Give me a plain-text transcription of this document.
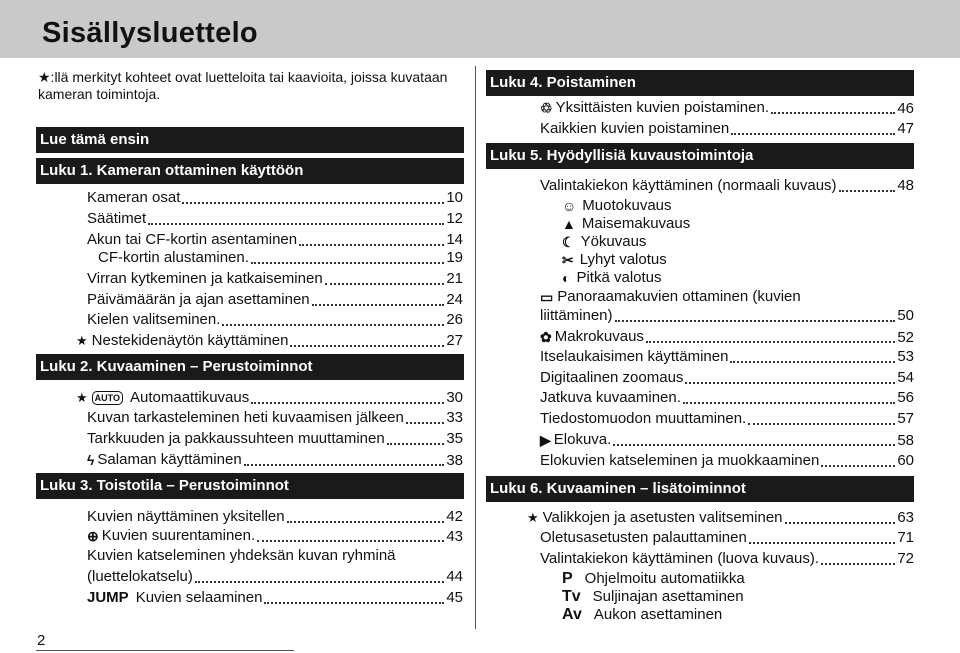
Sisällysluettelo
★:llä merkityt kohteet ovat luetteloita tai kaavioita, joissa kuvataan kameran toimintoja.
Lue tämä ensin
Luku 1. Kameran ottaminen käyttöön
Kameran osat	10
Säätimet	12
Akun tai CF-kortin asentaminen	14
CF-kortin alustaminen.	19
Virran kytkeminen ja katkaiseminen	21
Päivämäärän ja ajan asettaminen	24
Kielen valitseminen.	26
★ Nestekidenäytön käyttäminen	27
Luku 2. Kuvaaminen – Perustoiminnot
★ AUTO Automaattikuvaus	30
Kuvan tarkasteleminen heti kuvaamisen jälkeen	33
Tarkkuuden ja pakkaussuhteen muuttaminen	35
ϟ Salaman käyttäminen	38
Luku 3. Toistotila – Perustoiminnot
Kuvien näyttäminen yksitellen	42
⊕ Kuvien suurentaminen.	43
Kuvien katseleminen yhdeksän kuvan ryhminä
(luettelokatselu)	44
JUMP Kuvien selaaminen	45
2
Luku 4. Poistaminen
♲ Yksittäisten kuvien poistaminen.	46
Kaikkien kuvien poistaminen	47
Luku 5. Hyödyllisiä kuvaustoimintoja
Valintakiekon käyttäminen (normaali kuvaus)	48
☺ Muotokuvaus
▲ Maisemakuvaus
☾ Yökuvaus
✂ Lyhyt valotus
◐ Pitkä valotus
▭ Panoraamakuvien ottaminen (kuvien
liittäminen)	50
✿ Makrokuvaus	52
Itselaukaisimen käyttäminen	53
Digitaalinen zoomaus	54
Jatkuva kuvaaminen.	56
Tiedostomuodon muuttaminen.	57
▶ Elokuva.	58
Elokuvien katseleminen ja muokkaaminen	60
Luku 6. Kuvaaminen – lisätoiminnot
★ Valikkojen ja asetusten valitseminen	63
Oletusasetusten palauttaminen	71
Valintakiekon käyttäminen (luova kuvaus).	72
P Ohjelmoitu automatiikka
Tv Suljinajan asettaminen
Av Aukon asettaminen
